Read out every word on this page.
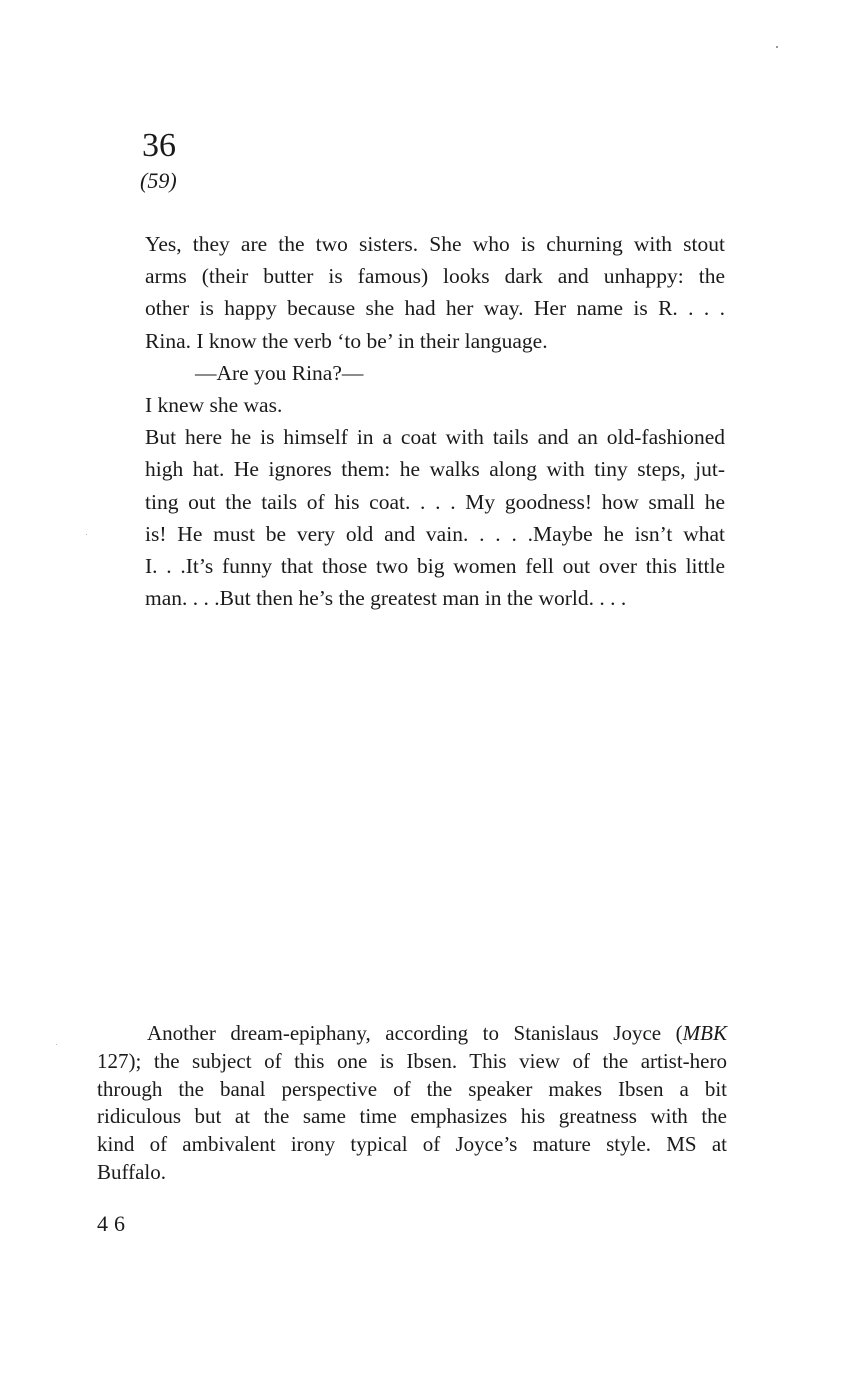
36
(59)
Yes, they are the two sisters. She who is churning with stout
arms (their butter is famous) looks dark and unhappy: the
other is happy because she had her way. Her name is R. . . .
Rina. I know the verb ‘to be’ in their language.
—Are you Rina?—
I knew she was.
But here he is himself in a coat with tails and an old-fashioned
high hat. He ignores them: he walks along with tiny steps, jut-
ting out the tails of his coat. . . . My goodness! how small he
is! He must be very old and vain. . . . .Maybe he isn’t what
I. . .It’s funny that those two big women fell out over this little
man. . . .But then he’s the greatest man in the world. . . .
Another dream-epiphany, according to Stanislaus Joyce (MBK
127); the subject of this one is Ibsen. This view of the artist-hero
through the banal perspective of the speaker makes Ibsen a bit
ridiculous but at the same time emphasizes his greatness with the
kind of ambivalent irony typical of Joyce’s mature style. MS at
Buffalo.
46
